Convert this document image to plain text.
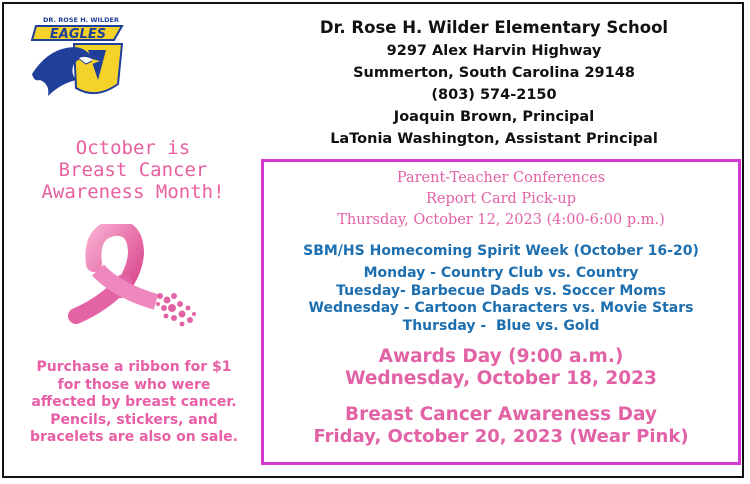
DR. ROSE H. WILDER
EAGLES	Dr. Rose H. Wilder Elementary School
9297 Alex Harvin Highway
Summerton, South Carolina 29148
(803) 574-2150
Joaquin Brown, Principal
LaTonia Washington, Assistant Principal
October is
Breast Cancer
Awareness Month!
Purchase a ribbon for $1
for those who were
affected by breast cancer.
Pencils, stickers, and
bracelets are also on sale.
Parent-Teacher Conferences
Report Card Pick-up
Thursday, October 12, 2023 (4:00-6:00 p.m.)
SBM/HS Homecoming Spirit Week (October 16-20)
Monday - Country Club vs. Country
Tuesday- Barbecue Dads vs. Soccer Moms
Wednesday - Cartoon Characters vs. Movie Stars
Thursday -  Blue vs. Gold
Awards Day (9:00 a.m.)
Wednesday, October 18, 2023
Breast Cancer Awareness Day
Friday, October 20, 2023 (Wear Pink)
